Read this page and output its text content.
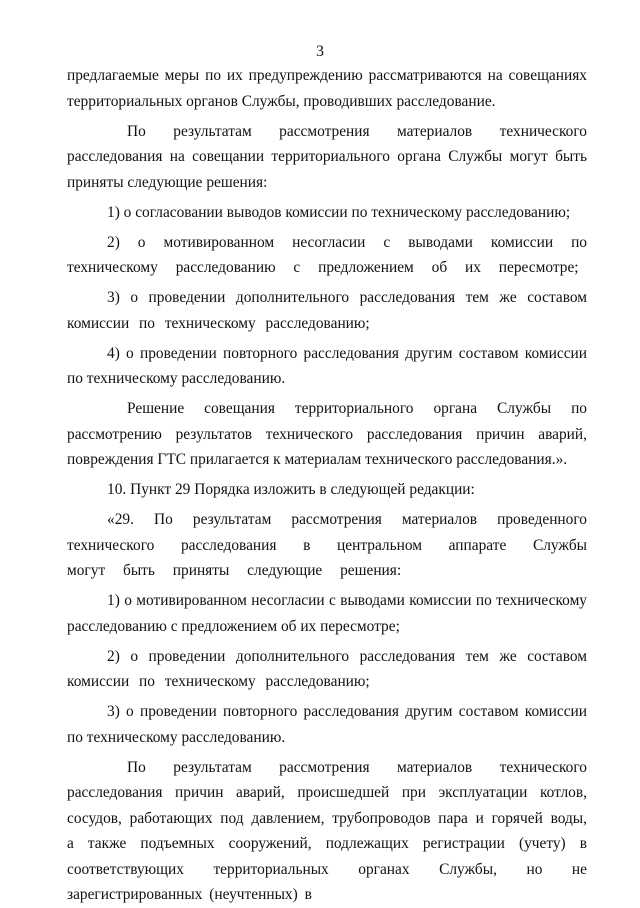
3

предлагаемые меры по их предупреждению рассматриваются на совещаниях территориальных органов Службы, проводивших расследование.

По результатам рассмотрения материалов технического расследования на совещании территориального органа Службы могут быть приняты следующие решения:

1) о согласовании выводов комиссии по техническому расследованию;

2) о мотивированном несогласии с выводами комиссии по техническому расследованию с предложением об их пересмотре;

3) о проведении дополнительного расследования тем же составом комиссии по техническому расследованию;

4) о проведении повторного расследования другим составом комиссии по техническому расследованию.

Решение совещания территориального органа Службы по рассмотрению результатов технического расследования причин аварий, повреждения ГТС прилагается к материалам технического расследования.».

10. Пункт 29 Порядка изложить в следующей редакции:

«29. По результатам рассмотрения материалов проведенного технического расследования в центральном аппарате Службы могут быть приняты следующие решения:

1) о мотивированном несогласии с выводами комиссии по техническому расследованию с предложением об их пересмотре;

2) о проведении дополнительного расследования тем же составом комиссии по техническому расследованию;

3) о проведении повторного расследования другим составом комиссии по техническому расследованию.

По результатам рассмотрения материалов технического расследования причин аварий, происшедшей при эксплуатации котлов, сосудов, работающих под давлением, трубопроводов пара и горячей воды, а также подъемных сооружений, подлежащих регистрации (учету) в соответствующих территориальных органах Службы, но не зарегистрированных (неучтенных) в
